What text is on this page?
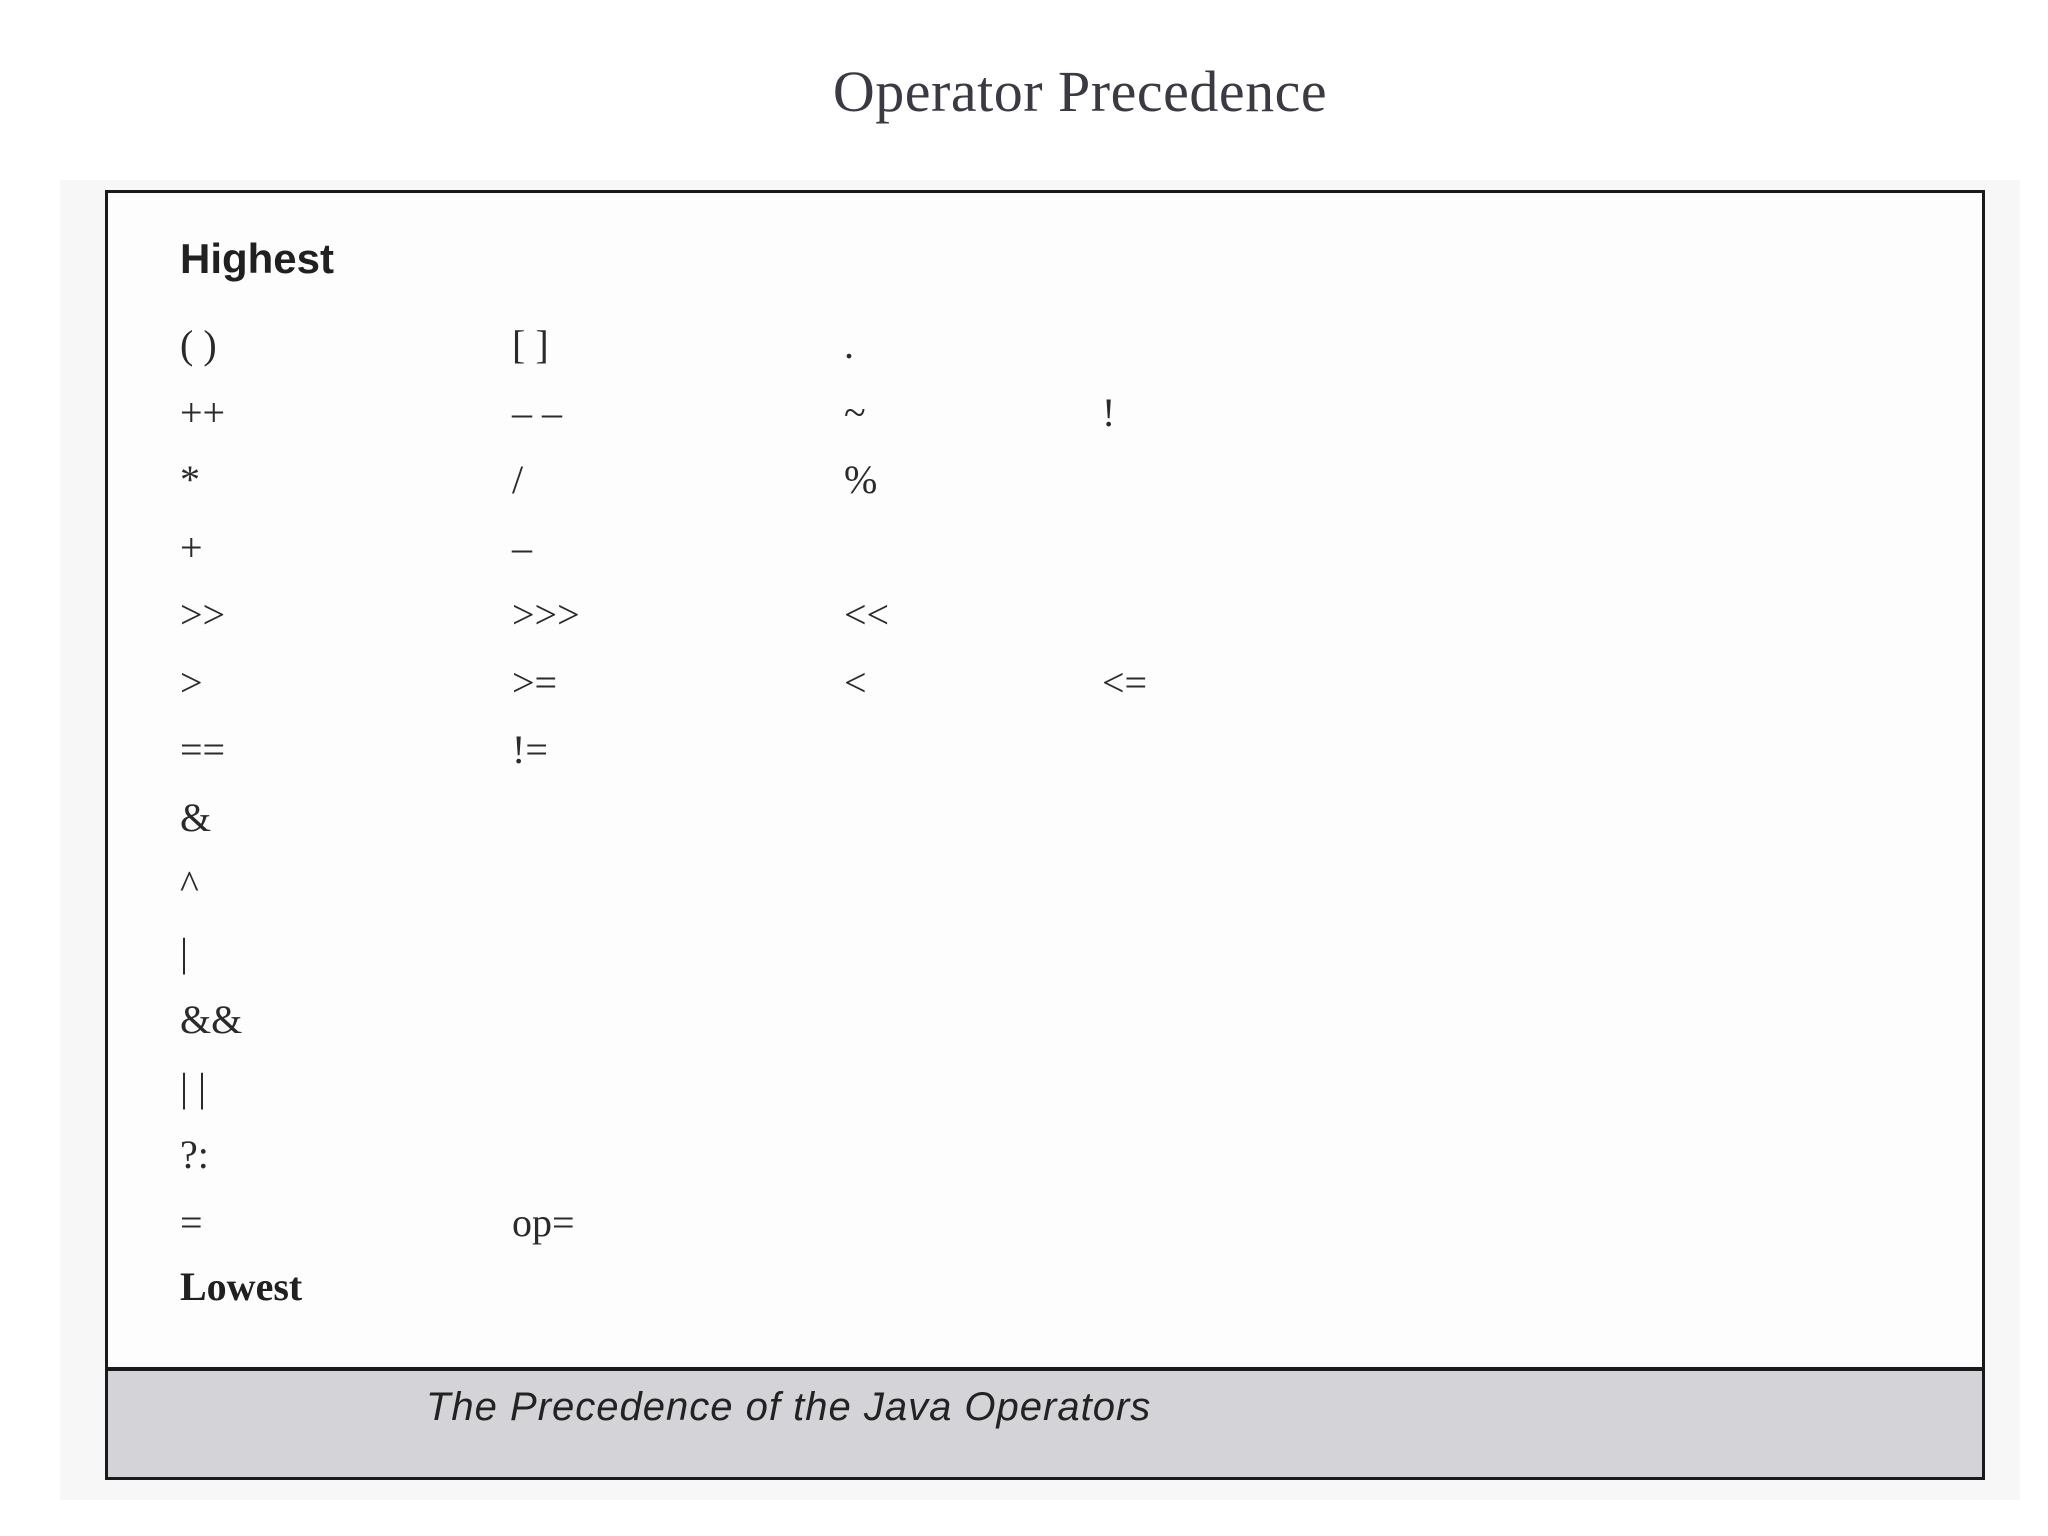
Operator Precedence
Highest
( )	[ ]	.
++	– –	~	!
*	/	%
+	–
>>	>>>	<<
>	>=	<	<=
==	!=
&
^
|
&&
| |
?:
=	op=
Lowest
The Precedence of the Java Operators
